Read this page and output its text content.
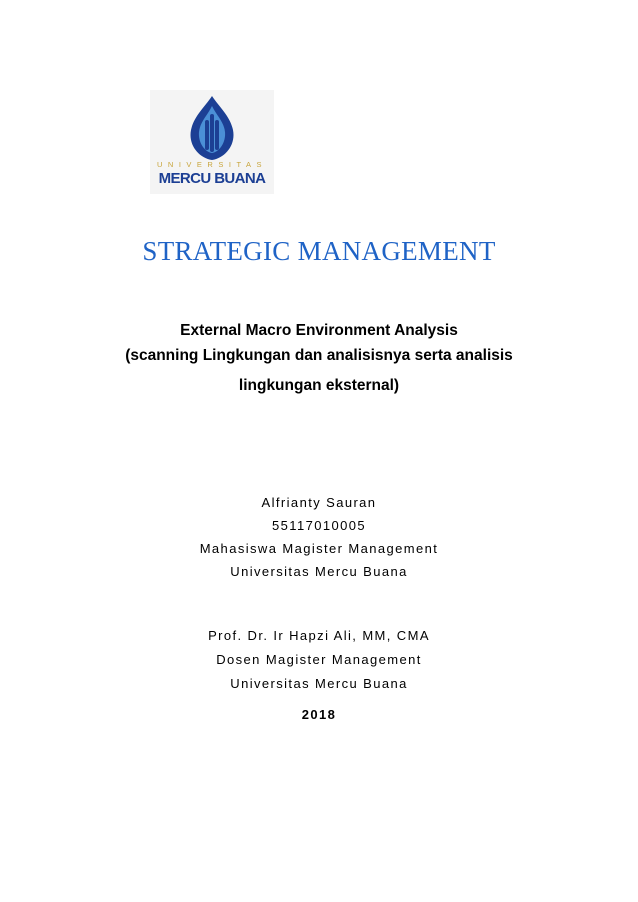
UNIVERSITAS
MERCU BUANA
STRATEGIC MANAGEMENT
External Macro Environment Analysis
(scanning Lingkungan dan analisisnya serta analisis
lingkungan eksternal)
Alfrianty Sauran
55117010005
Mahasiswa Magister Management
Universitas Mercu Buana
Prof. Dr. Ir Hapzi Ali, MM, CMA
Dosen Magister Management
Universitas Mercu Buana
2018
